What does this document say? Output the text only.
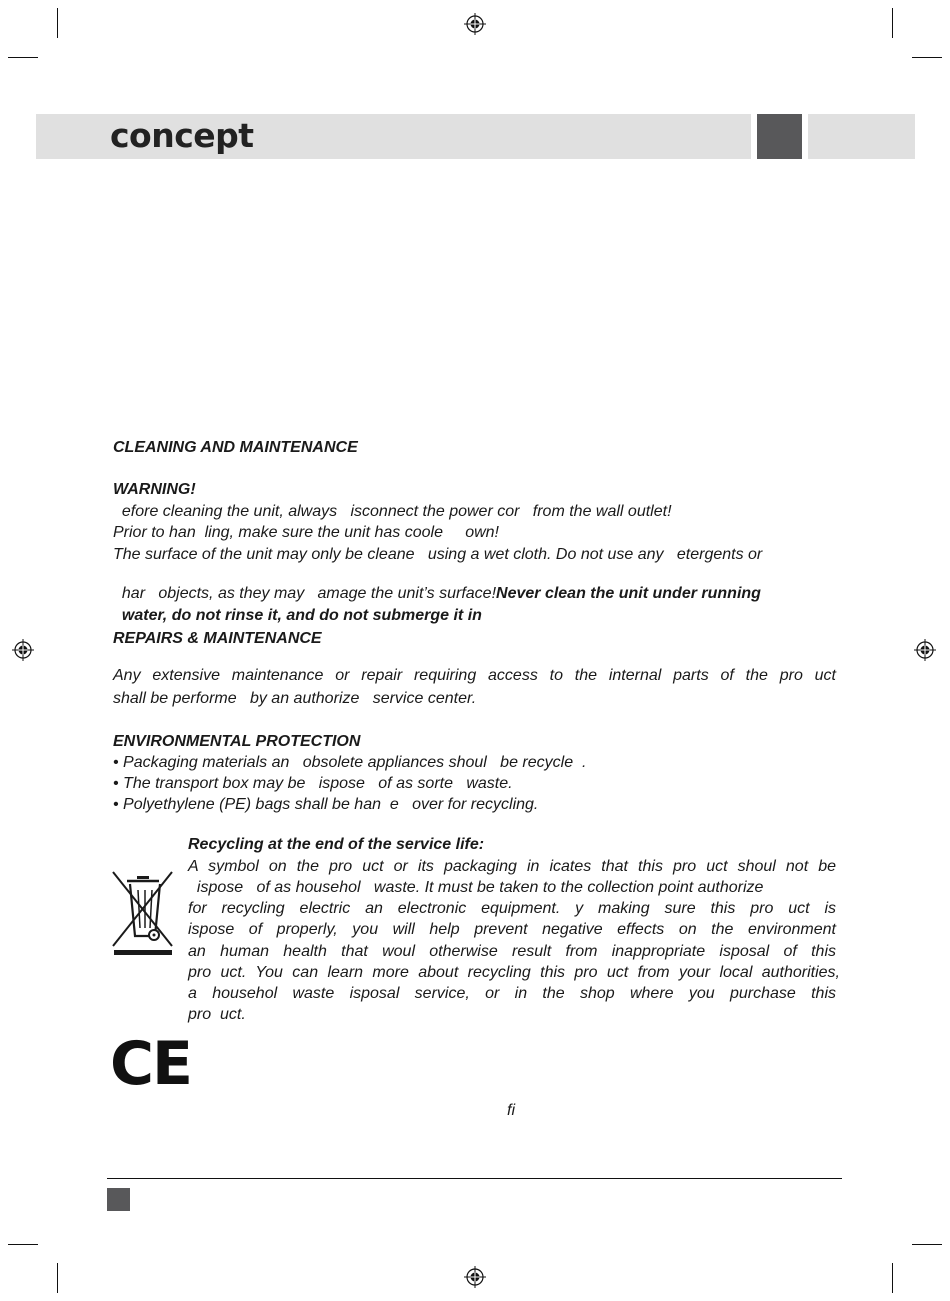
concept
CLEANING AND MAINTENANCE
WARNING!
efore cleaning the unit, always   isconnect the power cor   from the wall outlet!
Prior to han  ling, make sure the unit has coole     own!
The surface of the unit may only be cleane   using a wet cloth. Do not use any   etergents or

har   objects, as they may   amage the unit’s surface!Never clean the unit under running

water, do not rinse it, and do not submerge it in

REPAIRS & MAINTENANCE
Any extensive maintenance or repair requiring access to the internal parts of the pro uct
shall be performe   by an authorize   service center.
ENVIRONMENTAL PROTECTION
• Packaging materials an   obsolete appliances shoul   be recycle  .
• The transport box may be   ispose   of as sorte   waste.
• Polyethylene (PE) bags shall be han  e   over for recycling.
Recycling at the end of the service life:
A symbol on the pro uct or its packaging in icates that this pro uct shoul not be
ispose   of as househol   waste. It must be taken to the collection point authorize
for recycling electric an electronic equipment. y making sure this pro uct is
ispose of properly, you will help prevent negative effects on the environment
an human health that woul otherwise result from inappropriate isposal of this
pro uct. You can learn more about recycling this pro uct from your local authorities,
a househol waste isposal service, or in the shop where you purchase this
pro  uct.
CE
fi
